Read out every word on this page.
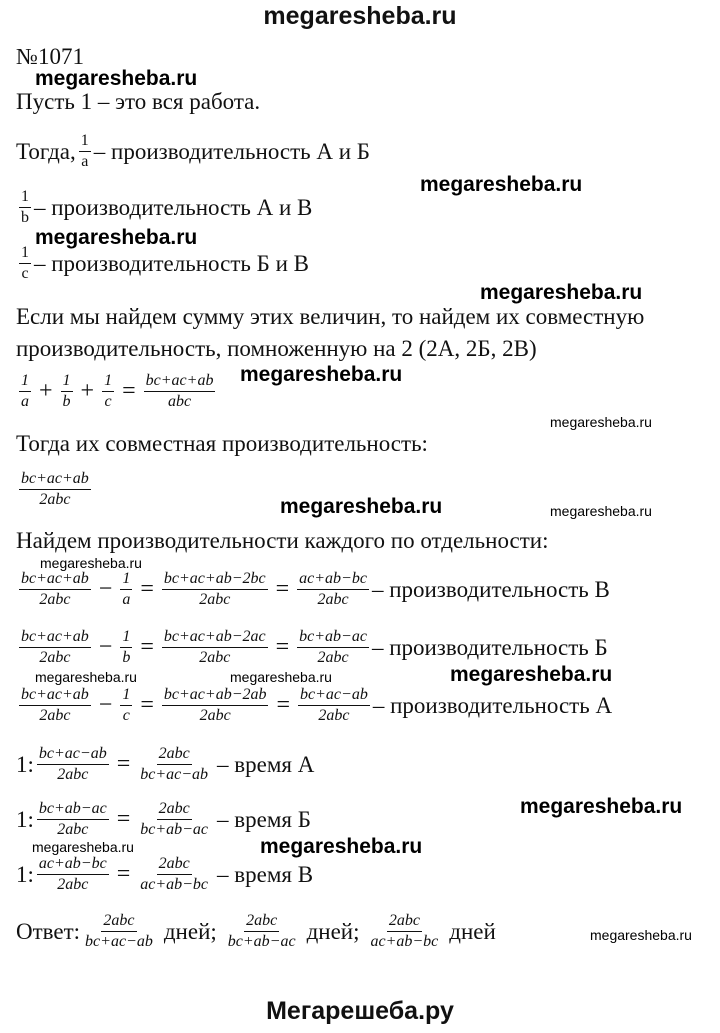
megaresheba.ru
№1071
Пусть 1 – это вся работа.
Тогда, $\frac{1}{a}$ – производительность А и Б
$\frac{1}{b}$ – производительность А и В
$\frac{1}{c}$ – производительность Б и В
Если мы найдем сумму этих величин, то найдем их совместную
производительность, помноженную на 2 (2А, 2Б, 2В)
$\frac{1}{a} + \frac{1}{b} + \frac{1}{c} = bc+ac+ab$
abc
Тогда их совместная производительность:
bc+ac+ab
2abc
Найдем производительности каждого по отдельности:
bc+ac+ab
$2abc - \frac{1}{a} = bc+ac+ab-2bc$
2abc = ac+ab−bc
2abc – производительность В
bc+ac+ab
$2abc - \frac{1}{b} = bc+ac+ab-2ac$
2abc = bc+ab−ac
2abc – производительность Б
bc+ac+ab
$2abc - \frac{1}{c} = bc+ac+ab-2ab$
2abc = bc+ac−ab
2abc – производительность А
1: bc+ac−ab
2abc = 2abc
bc+ac−ab – время А
1: bc+ab−ac
2abc = 2abc
bc+ab−ac – время Б
1: ac+ab−bc
2abc = 2abc
ac+ab−bc – время В
Ответ: 2abc
bc+ac−ab дней; 2abc
bc+ab−ac дней; 2abc
ac+ab−bc дней
megaresheba.ru
megaresheba.ru
megaresheba.ru
megaresheba.ru
megaresheba.ru
megaresheba.ru
megaresheba.ru	megaresheba.ru
megaresheba.ru
megaresheba.ru	megaresheba.ru	megaresheba.ru
megaresheba.ru
megaresheba.ru	megaresheba.ru
megaresheba.ru
Мегарешеба.ру
